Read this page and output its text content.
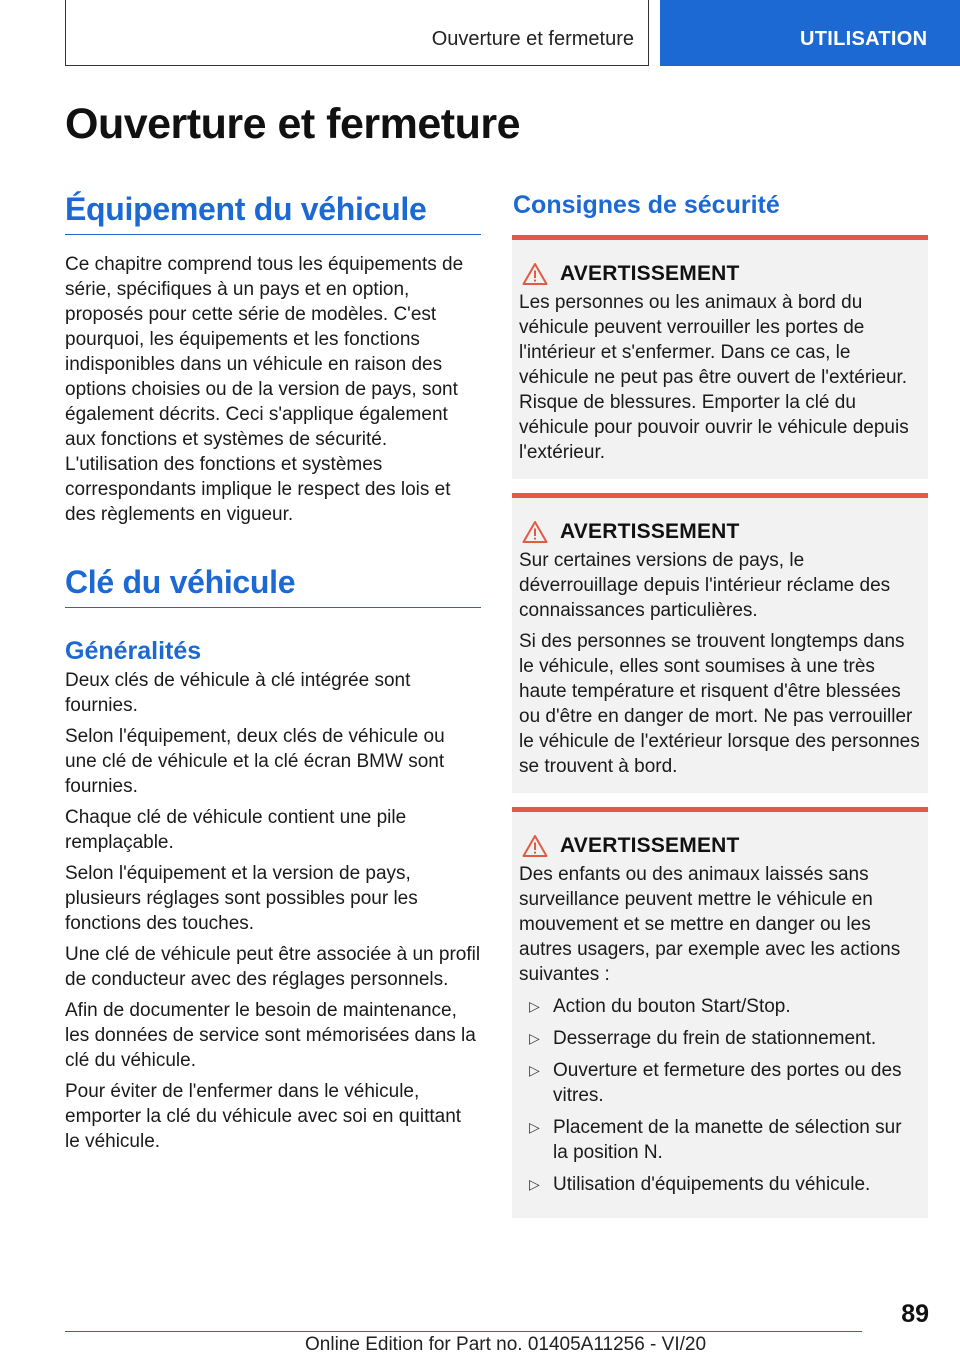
Ouverture et fermeture	UTILISATION
Ouverture et fermeture
Équipement du véhicule

Ce chapitre comprend tous les équipements de série, spécifiques à un pays et en option, proposés pour cette série de modèles. C'est pourquoi, les équipements et les fonctions indisponibles dans un véhicule en raison des options choisies ou de la version de pays, sont également décrits. Ceci s'applique également aux fonctions et systèmes de sécurité. L'utilisation des fonctions et systèmes correspondants implique le respect des lois et des règlements en vigueur.

Clé du véhicule
Généralités

Deux clés de véhicule à clé intégrée sont fournies.

Selon l'équipement, deux clés de véhicule ou une clé de véhicule et la clé écran BMW sont fournies.

Chaque clé de véhicule contient une pile remplaçable.

Selon l'équipement et la version de pays, plusieurs réglages sont possibles pour les fonctions des touches.

Une clé de véhicule peut être associée à un profil de conducteur avec des réglages personnels.

Afin de documenter le besoin de maintenance, les données de service sont mémorisées dans la clé du véhicule.

Pour éviter de l'enfermer dans le véhicule, emporter la clé du véhicule avec soi en quittant le véhicule.

Consignes de sécurité
AVERTISSEMENT

Les personnes ou les animaux à bord du véhicule peuvent verrouiller les portes de l'intérieur et s'enfermer. Dans ce cas, le véhicule ne peut pas être ouvert de l'extérieur. Risque de blessures. Emporter la clé du véhicule pour pouvoir ouvrir le véhicule depuis l'extérieur.

AVERTISSEMENT

Sur certaines versions de pays, le déverrouillage depuis l'intérieur réclame des connaissances particulières.

Si des personnes se trouvent longtemps dans le véhicule, elles sont soumises à une très haute température et risquent d'être blessées ou d'être en danger de mort. Ne pas verrouiller le véhicule de l'extérieur lorsque des personnes se trouvent à bord.

AVERTISSEMENT

Des enfants ou des animaux laissés sans surveillance peuvent mettre le véhicule en mouvement et se mettre en danger ou les autres usagers, par exemple avec les actions suivantes :

▷ Action du bouton Start/Stop.
▷ Desserrage du frein de stationnement.
▷ Ouverture et fermeture des portes ou des vitres.
▷ Placement de la manette de sélection sur la position N.
▷ Utilisation d'équipements du véhicule.
89
Online Edition for Part no. 01405A11256 - VI/20
